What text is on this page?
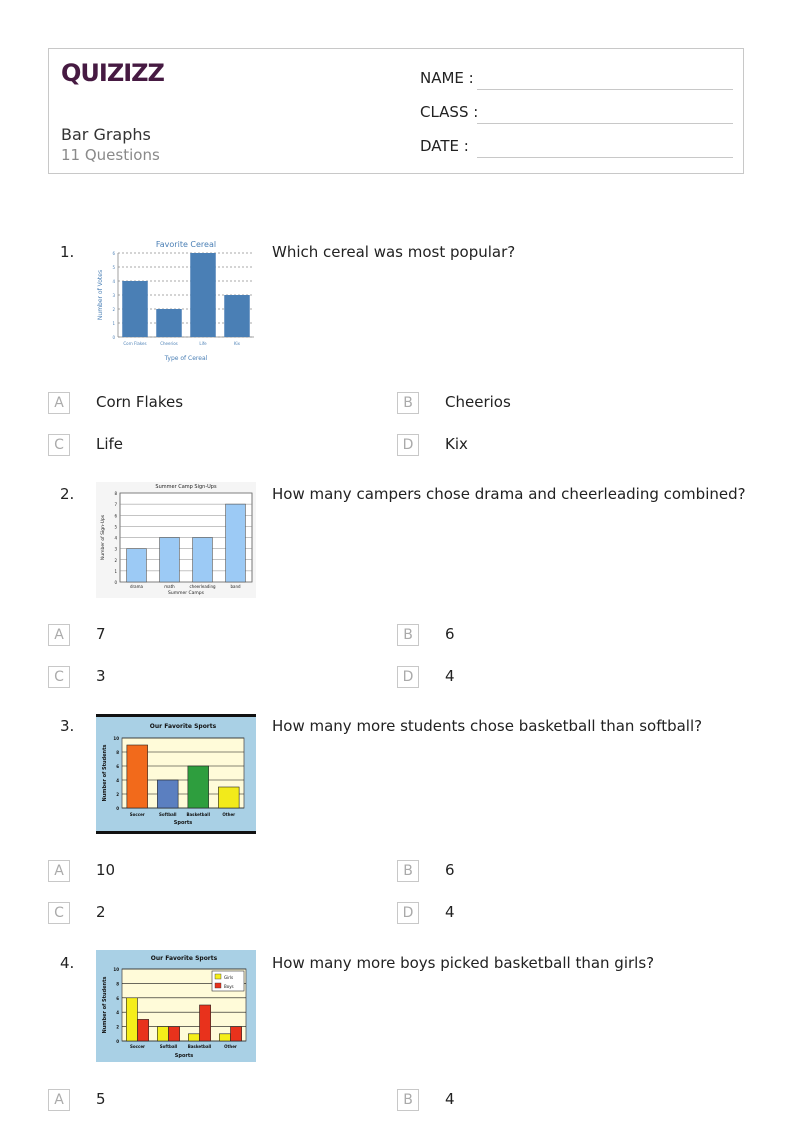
QUIZIZZ
Bar Graphs
11 Questions
NAME :
CLASS :
DATE :
1.
0
1
2
3
4
5
6
Corn Flakes	Cheerios	Life	Kix
Favorite Cereal
Type of Cereal
Number of Votes
Which cereal was most popular?
A	Corn Flakes	B	Cheerios
C	Life	D	Kix
2.
0
1
2
3
4
5
6
7
8
drama	math	cheerleading	band
Summer Camp Sign-Ups
Summer Camps
Number of Sign-Ups
How many campers chose drama and cheerleading combined?
A	7	B	6
C	3	D	4
3.
0
2
4
6
8
10
Soccer	Softball Basketball	Other
Our Favorite Sports
Sports
Number of Students
How many more students chose basketball than softball?
A	10	B	6
C	2	D	4
4.
0
2
4
6
8
10
Soccer	Softball	Basketball	Other
Our Favorite Sports
Sports
Number of Students	Girls
Boys
How many more boys picked basketball than girls?
A	5	B	4
